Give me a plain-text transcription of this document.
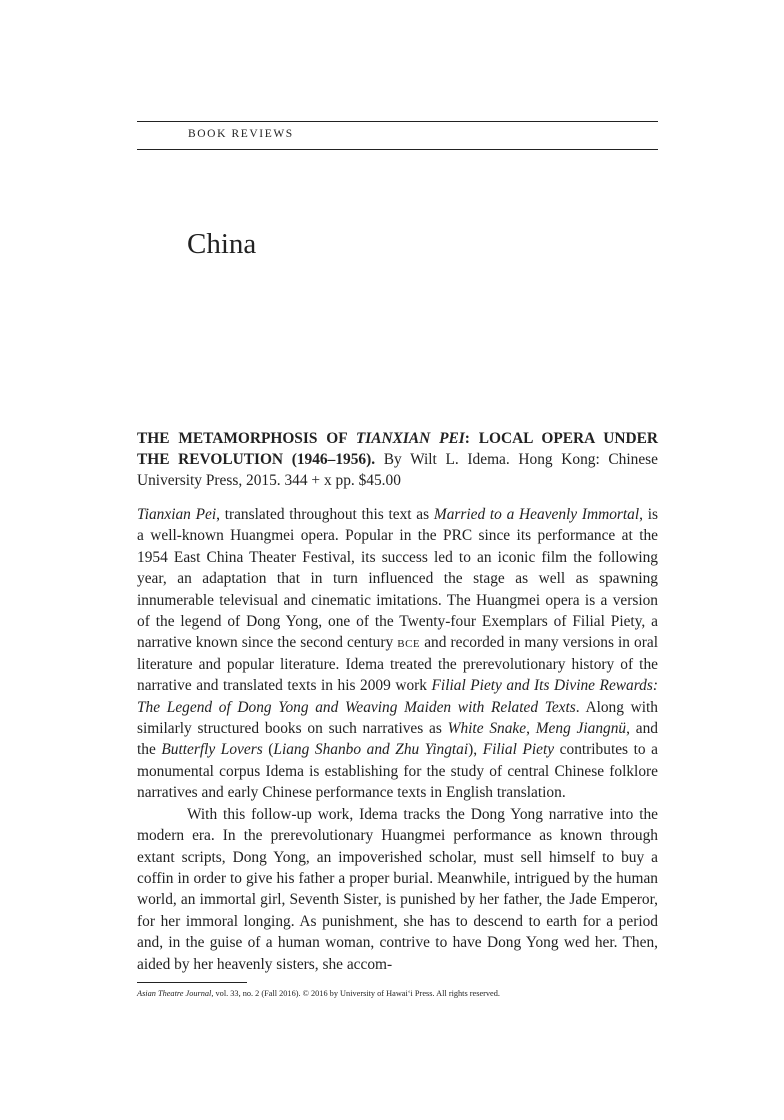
BOOK REVIEWS
China
THE METAMORPHOSIS OF TIANXIAN PEI: LOCAL OPERA UNDER THE REVOLUTION (1946–1956). By Wilt L. Idema. Hong Kong: Chinese University Press, 2015. 344 + x pp. $45.00

Tianxian Pei, translated throughout this text as Married to a Heavenly Immortal, is a well-known Huangmei opera. Popular in the PRC since its performance at the 1954 East China Theater Festival, its success led to an iconic film the following year, an adaptation that in turn influenced the stage as well as spawning innumerable televisual and cinematic imitations. The Huangmei opera is a version of the legend of Dong Yong, one of the Twenty-four Exemplars of Filial Piety, a narrative known since the second century bce and recorded in many versions in oral literature and popular literature. Idema treated the prerevolutionary history of the narrative and translated texts in his 2009 work Filial Piety and Its Divine Rewards: The Legend of Dong Yong and Weaving Maiden with Related Texts. Along with similarly structured books on such narratives as White Snake, Meng Jiangnü, and the Butterfly Lovers (Liang Shanbo and Zhu Yingtai), Filial Piety contributes to a monumental corpus Idema is establishing for the study of central Chinese folklore narratives and early Chinese performance texts in English translation.

With this follow-up work, Idema tracks the Dong Yong narrative into the modern era. In the prerevolutionary Huangmei performance as known through extant scripts, Dong Yong, an impoverished scholar, must sell himself to buy a coffin in order to give his father a proper burial. Meanwhile, intrigued by the human world, an immortal girl, Seventh Sister, is punished by her father, the Jade Emperor, for her immoral longing. As punishment, she has to descend to earth for a period and, in the guise of a human woman, contrive to have Dong Yong wed her. Then, aided by her heavenly sisters, she accom-

Asian Theatre Journal, vol. 33, no. 2 (Fall 2016). © 2016 by University of Hawai‘i Press. All rights reserved.
